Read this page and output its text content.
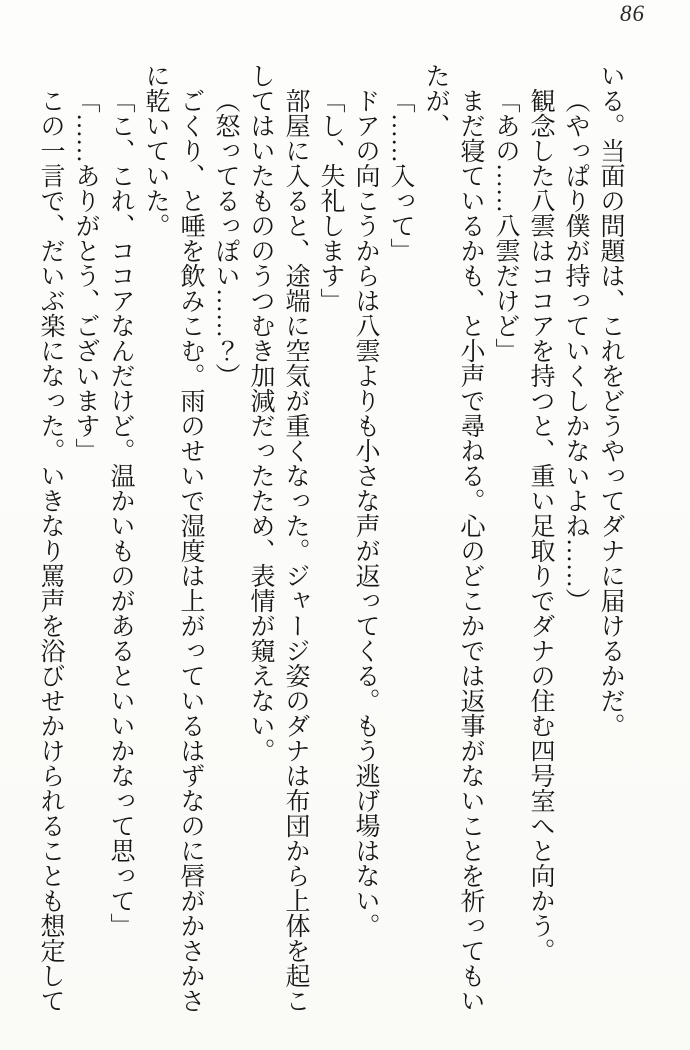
86
いる。当面の問題は、これをどうやってダナに届けるかだ。
（やっぱり僕が持っていくしかないよね……）
観念した八雲はココアを持つと、重い足取りでダナの住む四号室へと向かう。
「あの……八雲だけど」
まだ寝ているかも、と小声で尋ねる。心のどこかでは返事がないことを祈ってもい
たが、
「……入って」
ドアの向こうからは八雲よりも小さな声が返ってくる。もう逃げ場はない。
「し、失礼します」
部屋に入ると、途端に空気が重くなった。ジャージ姿のダナは布団から上体を起こ
してはいたもののうつむき加減だったため、表情が窺えない。
（怒ってるっぽい……？）
ごくり、と唾を飲みこむ。雨のせいで湿度は上がっているはずなのに唇がかさかさ
に乾いていた。
「こ、これ、ココアなんだけど。温かいものがあるといいかなって思って」
「……ありがとう、ございます」
この一言で、だいぶ楽になった。いきなり罵声を浴びせかけられることも想定して
